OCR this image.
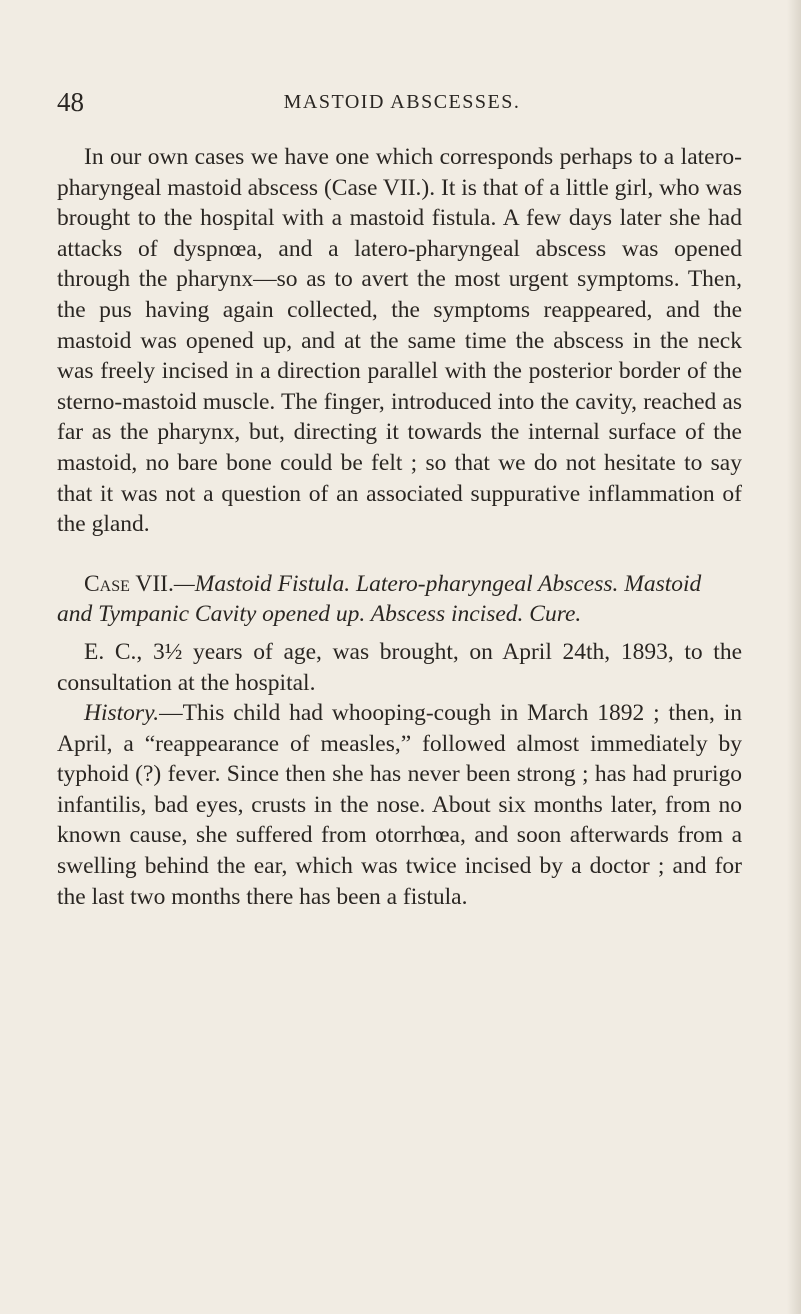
48	MASTOID ABSCESSES.

In our own cases we have one which corresponds perhaps to a latero-pharyngeal mastoid abscess (Case VII.). It is that of a little girl, who was brought to the hospital with a mastoid fistula. A few days later she had attacks of dyspnœa, and a latero-pharyngeal abscess was opened through the pharynx—so as to avert the most urgent symptoms. Then, the pus having again collected, the symptoms reappeared, and the mastoid was opened up, and at the same time the abscess in the neck was freely incised in a direction parallel with the posterior border of the sterno-mastoid muscle. The finger, introduced into the cavity, reached as far as the pharynx, but, directing it towards the internal surface of the mastoid, no bare bone could be felt ; so that we do not hesitate to say that it was not a question of an associated suppurative inflammation of the gland.

Case VII.—Mastoid Fistula. Latero-pharyngeal Abscess. Mastoid and Tympanic Cavity opened up. Abscess incised. Cure.

E. C., 3½ years of age, was brought, on April 24th, 1893, to the consultation at the hospital.

History.—This child had whooping-cough in March 1892 ; then, in April, a “reappearance of measles,” followed almost immediately by typhoid (?) fever. Since then she has never been strong ; has had prurigo infantilis, bad eyes, crusts in the nose. About six months later, from no known cause, she suffered from otorrhœa, and soon afterwards from a swelling behind the ear, which was twice incised by a doctor ; and for the last two months there has been a fistula.
